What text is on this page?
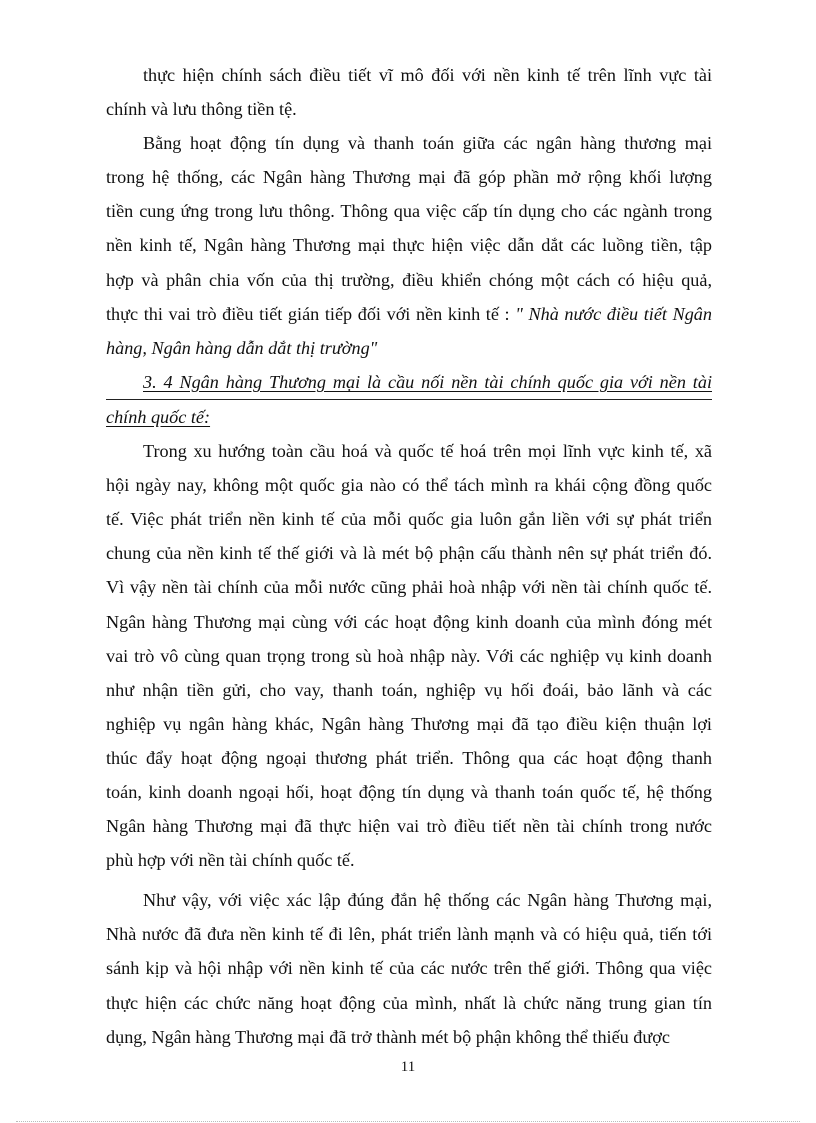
thực hiện chính sách điều tiết vĩ mô đối với nền kinh tế trên lĩnh vực tài
chính và lưu thông tiền tệ.
Bằng hoạt động tín dụng và thanh toán giữa các ngân hàng thương mại
trong hệ thống, các Ngân hàng Thương mại đã góp phần mở rộng khối lượng
tiền cung ứng trong lưu thông. Thông qua việc cấp tín dụng cho các ngành trong
nền kinh tế, Ngân hàng Thương mại thực hiện việc dẫn dắt các luồng tiền, tập
hợp và phân chia vốn của thị trường, điều khiển chóng một cách có hiệu quả,
thực thi vai trò điều tiết gián tiếp đối với nền kinh tế : " Nhà nước điều tiết Ngân
hàng, Ngân hàng dẫn dắt thị trường"
3. 4 Ngân hàng Thương mại là cầu nối nền tài chính quốc gia với nền tài
chính quốc tế:
Trong xu hướng toàn cầu hoá và quốc tế hoá trên mọi lĩnh vực kinh tế, xã
hội ngày nay, không một quốc gia nào có thể tách mình ra khái cộng đồng quốc
tế. Việc phát triển nền kinh tế của mỗi quốc gia luôn gắn liền với sự phát triển
chung của nền kinh tế thế giới và là mét bộ phận cấu thành nên sự phát triển đó.
Vì vậy nền tài chính của mỗi nước cũng phải hoà nhập với nền tài chính quốc tế.
Ngân hàng Thương mại cùng với các hoạt động kinh doanh của mình đóng mét
vai trò vô cùng quan trọng trong sù hoà nhập này. Với các nghiệp vụ kinh doanh
như nhận tiền gửi, cho vay, thanh toán, nghiệp vụ hối đoái, bảo lãnh và các
nghiệp vụ ngân hàng khác, Ngân hàng Thương mại đã tạo điều kiện thuận lợi
thúc đẩy hoạt động ngoại thương phát triển. Thông qua các hoạt động thanh
toán, kinh doanh ngoại hối, hoạt động tín dụng và thanh toán quốc tế, hệ thống
Ngân hàng Thương mại đã thực hiện vai trò điều tiết nền tài chính trong nước
phù hợp với nền tài chính quốc tế.
Như vậy, với việc xác lập đúng đắn hệ thống các Ngân hàng Thương mại,
Nhà nước đã đưa nền kinh tế đi lên, phát triển lành mạnh và có hiệu quả, tiến tới
sánh kịp và hội nhập với nền kinh tế của các nước trên thế giới. Thông qua việc
thực hiện các chức năng hoạt động của mình, nhất là chức năng trung gian tín
dụng, Ngân hàng Thương mại đã trở thành mét bộ phận không thể thiếu được
11
